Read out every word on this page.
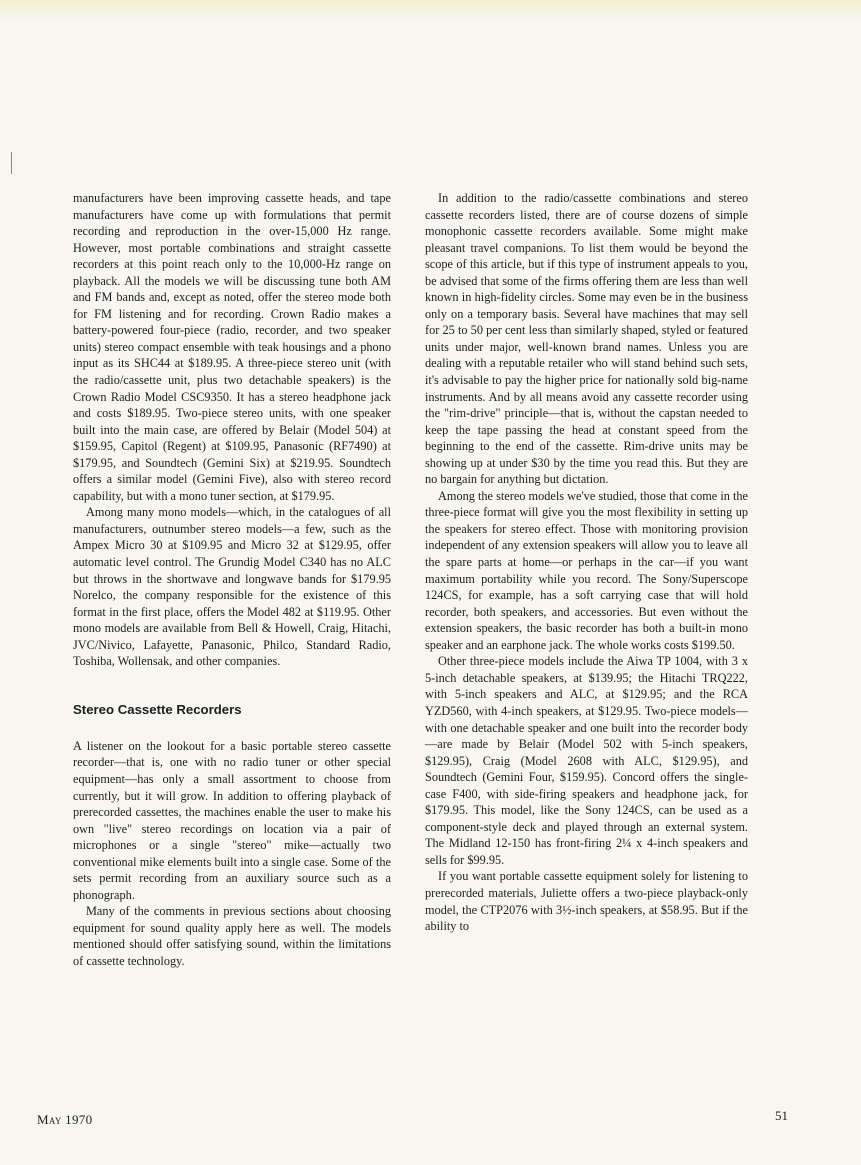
manufacturers have been improving cassette heads, and tape manufacturers have come up with formulations that permit recording and reproduction in the over-15,000 Hz range. However, most portable combinations and straight cassette recorders at this point reach only to the 10,000-Hz range on playback. All the models we will be discussing tune both AM and FM bands and, except as noted, offer the stereo mode both for FM listening and for recording. Crown Radio makes a battery-powered four-piece (radio, recorder, and two speaker units) stereo compact ensemble with teak housings and a phono input as its SHC44 at $189.95. A three-piece stereo unit (with the radio/cassette unit, plus two detachable speakers) is the Crown Radio Model CSC9350. It has a stereo headphone jack and costs $189.95. Two-piece stereo units, with one speaker built into the main case, are offered by Belair (Model 504) at $159.95, Capitol (Regent) at $109.95, Panasonic (RF7490) at $179.95, and Soundtech (Gemini Six) at $219.95. Soundtech offers a similar model (Gemini Five), also with stereo record capability, but with a mono tuner section, at $179.95.

Among many mono models—which, in the catalogues of all manufacturers, outnumber stereo models—a few, such as the Ampex Micro 30 at $109.95 and Micro 32 at $129.95, offer automatic level control. The Grundig Model C340 has no ALC but throws in the shortwave and longwave bands for $179.95 Norelco, the company responsible for the existence of this format in the first place, offers the Model 482 at $119.95. Other mono models are available from Bell & Howell, Craig, Hitachi, JVC/Nivico, Lafayette, Panasonic, Philco, Standard Radio, Toshiba, Wollensak, and other companies.

Stereo Cassette Recorders

A listener on the lookout for a basic portable stereo cassette recorder—that is, one with no radio tuner or other special equipment—has only a small assortment to choose from currently, but it will grow. In addition to offering playback of prerecorded cassettes, the machines enable the user to make his own "live" stereo recordings on location via a pair of microphones or a single "stereo" mike—actually two conventional mike elements built into a single case. Some of the sets permit recording from an auxiliary source such as a phonograph.

Many of the comments in previous sections about choosing equipment for sound quality apply here as well. The models mentioned should offer satisfying sound, within the limitations of cassette technology.

In addition to the radio/cassette combinations and stereo cassette recorders listed, there are of course dozens of simple monophonic cassette recorders available. Some might make pleasant travel companions. To list them would be beyond the scope of this article, but if this type of instrument appeals to you, be advised that some of the firms offering them are less than well known in high-fidelity circles. Some may even be in the business only on a temporary basis. Several have machines that may sell for 25 to 50 per cent less than similarly shaped, styled or featured units under major, well-known brand names. Unless you are dealing with a reputable retailer who will stand behind such sets, it's advisable to pay the higher price for nationally sold big-name instruments. And by all means avoid any cassette recorder using the "rim-drive" principle—that is, without the capstan needed to keep the tape passing the head at constant speed from the beginning to the end of the cassette. Rim-drive units may be showing up at under $30 by the time you read this. But they are no bargain for anything but dictation.

Among the stereo models we've studied, those that come in the three-piece format will give you the most flexibility in setting up the speakers for stereo effect. Those with monitoring provision independent of any extension speakers will allow you to leave all the spare parts at home—or perhaps in the car—if you want maximum portability while you record. The Sony/Superscope 124CS, for example, has a soft carrying case that will hold recorder, both speakers, and accessories. But even without the extension speakers, the basic recorder has both a built-in mono speaker and an earphone jack. The whole works costs $199.50.

Other three-piece models include the Aiwa TP 1004, with 3 x 5-inch detachable speakers, at $139.95; the Hitachi TRQ222, with 5-inch speakers and ALC, at $129.95; and the RCA YZD560, with 4-inch speakers, at $129.95. Two-piece models—with one detachable speaker and one built into the recorder body—are made by Belair (Model 502 with 5-inch speakers, $129.95), Craig (Model 2608 with ALC, $129.95), and Soundtech (Gemini Four, $159.95). Concord offers the single-case F400, with side-firing speakers and headphone jack, for $179.95. This model, like the Sony 124CS, can be used as a component-style deck and played through an external system. The Midland 12-150 has front-firing 2¼ x 4-inch speakers and sells for $99.95.

If you want portable cassette equipment solely for listening to prerecorded materials, Juliette offers a two-piece playback-only model, the CTP2076 with 3½-inch speakers, at $58.95. But if the ability to

May 1970	51
